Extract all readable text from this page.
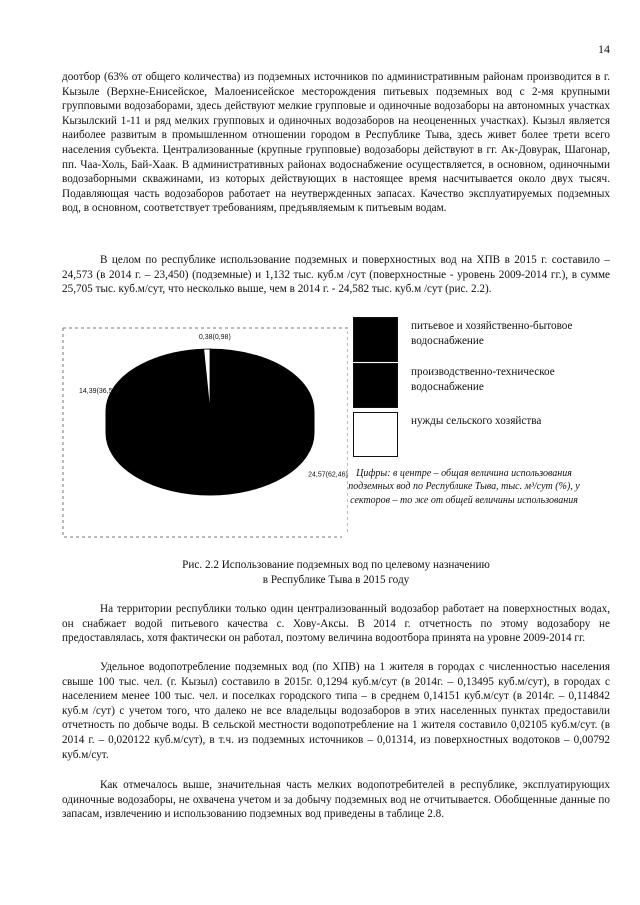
14

доотбор (63% от общего количества) из подземных источников по административным районам производится в г. Кызыле (Верхне-Енисейское, Малоенисейское месторождения питьевых подземных вод с 2-мя крупными групповыми водозаборами, здесь действуют мелкие групповые и одиночные водозаборы на автономных участках Кызылский 1-11 и ряд мелких групповых и одиночных водозаборов на неоцененных участках). Кызыл является наиболее развитым в промышленном отношении городом в Республике Тыва, здесь живет более трети всего населения субъекта. Централизованные (крупные групповые) водозаборы действуют в гг. Ак-Довурак, Шагонар, пп. Чаа-Холь, Бай-Хаак. В административных районах водоснабжение осуществляется, в основном, одиночными водозаборными скважинами, из которых действующих в настоящее время насчитывается около двух тысяч. Подавляющая часть водозаборов работает на неутвержденных запасах. Качество эксплуатируемых подземных вод, в основном, соответствует требованиям, предъявляемым к питьевым водам.

В целом по республике использование подземных и поверхностных вод на ХПВ в 2015 г. составило – 24,573 (в 2014 г. – 23,450) (подземные) и 1,132 тыс. куб.м /сут (поверхностные - уровень 2009-2014 гг.), в сумме 25,705 тыс. куб.м/сут, что несколько выше, чем в 2014 г. - 24,582 тыс. куб.м /сут (рис. 2.2).

24,57(62,46)
14,39(36,56)
0,38(0,98)
питьевое и хозяйственно-бытовое водоснабжение
производственно-техническое водоснабжение
нужды сельского хозяйства

Цифры: в центре – общая величина использования подземных вод по Республике Тыва, тыс. м³/сут (%), у секторов – то же от общей величины использования

Рис. 2.2 Использование подземных вод по целевому назначению
в Республике Тыва в 2015 году

На территории республики только один централизованный водозабор работает на поверхностных водах, он снабжает водой питьевого качества с. Хову-Аксы. В 2014 г. отчетность по этому водозабору не предоставлялась, хотя фактически он работал, поэтому величина водоотбора принята на уровне 2009-2014 гг.

Удельное водопотребление подземных вод (по ХПВ) на 1 жителя в городах с численностью населения свыше 100 тыс. чел. (г. Кызыл) составило в 2015г. 0,1294 куб.м/сут (в 2014г. – 0,13495 куб.м/сут), в городах с населением менее 100 тыс. чел. и поселках городского типа – в среднем 0,14151 куб.м/сут (в 2014г. – 0,114842 куб.м /сут) с учетом того, что далеко не все владельцы водозаборов в этих населенных пунктах предоставили отчетность по добыче воды. В сельской местности водопотребление на 1 жителя составило 0,02105 куб.м/сут. (в 2014 г. – 0,020122 куб.м/сут), в т.ч. из подземных источников – 0,01314, из поверхностных водотоков – 0,00792 куб.м/сут.

Как отмечалось выше, значительная часть мелких водопотребителей в республике, эксплуатирующих одиночные водозаборы, не охвачена учетом и за добычу подземных вод не отчитывается. Обобщенные данные по запасам, извлечению и использованию подземных вод приведены в таблице 2.8.
